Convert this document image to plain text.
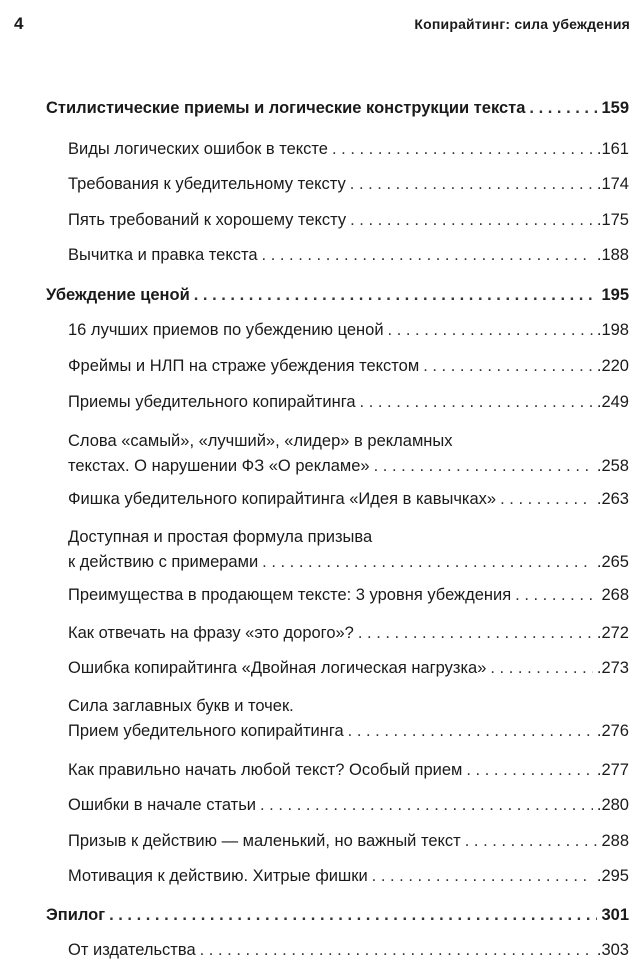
4	Копирайтинг: сила убеждения
Стилистические приемы и логические конструкции текста . . .	159
Виды логических ошибок в тексте . . .	.161
Требования к убедительному тексту . . .	.174
Пять требований к хорошему тексту . . .	.175
Вычитка и правка текста . . .	.188
Убеждение ценой . . .	195
16 лучших приемов по убеждению ценой . . .	.198
Фреймы и НЛП на страже убеждения текстом . . .	.220
Приемы убедительного копирайтинга . . .	.249
Слова «самый», «лучший», «лидер» в рекламных
текстах. О нарушении ФЗ «О рекламе» . . .	.258
Фишка убедительного копирайтинга «Идея в кавычках» . . .	.263
Доступная и простая формула призыва
к действию с примерами . . .	.265
Преимущества в продающем тексте: 3 уровня убеждения . . .	268
Как отвечать на фразу «это дорого»? . . .	.272
Ошибка копирайтинга «Двойная логическая нагрузка» . . .	.273
Сила заглавных букв и точек.
Прием убедительного копирайтинга . . .	.276
Как правильно начать любой текст? Особый прием . . .	.277
Ошибки в начале статьи . . .	.280
Призыв к действию — маленький, но важный текст . . .	288
Мотивация к действию. Хитрые фишки . . .	.295
Эпилог . . .	301
От издательства . . .	.303
